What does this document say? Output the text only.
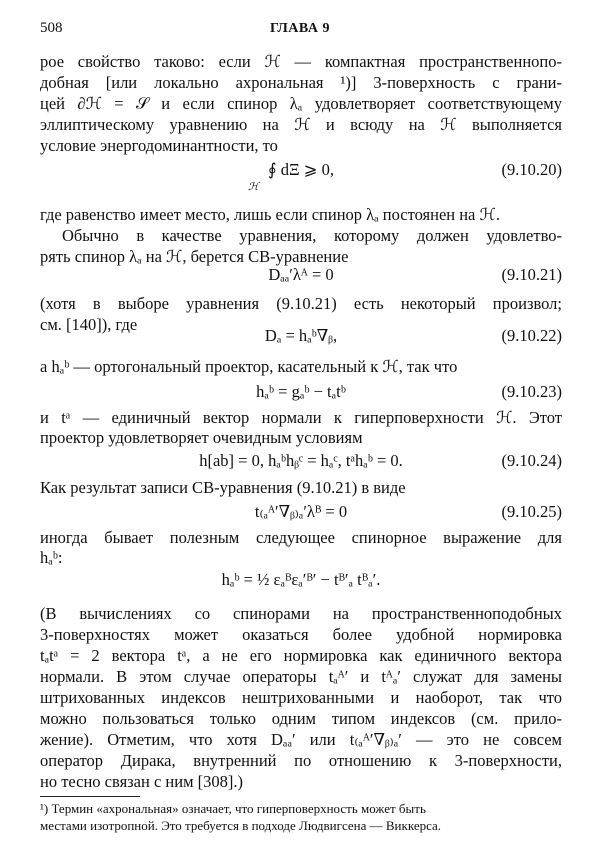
508	ГЛАВА 9
рое свойство таково: если ℋ — компактная пространственнопо-
добная [или локально ахрональная ¹)] 3-поверхность с грани-
цей ∂ℋ = 𝒮 и если спинор λₐ удовлетворяет соответствующему
эллиптическому уравнению на ℋ и всюду на ℋ выполняется
условие энергодоминантности, то
∮ dΞ ⩾ 0,	(9.10.20)
ℋ
где равенство имеет место, лишь если спинор λₐ постоянен на ℋ.
Обычно в качестве уравнения, которому должен удовлетво-
рять спинор λₐ на ℋ, берется СВ-уравнение
Dₐₐ′λᴬ = 0	(9.10.21)
(хотя в выборе уравнения (9.10.21) есть некоторый произвол;
см. [140]), где
Dₐ = hₐᵇ∇ᵦ,	(9.10.22)
а hₐᵇ — ортогональный проектор, касательный к ℋ, так что
hₐᵇ = gₐᵇ − tₐtᵇ	(9.10.23)
и tᵃ — единичный вектор нормали к гиперповерхности ℋ. Этот
проектор удовлетворяет очевидным условиям
h[ab] = 0, hₐᵇhᵦᶜ = hₐᶜ, tᵃhₐᵇ = 0.	(9.10.24)
Как результат записи СВ-уравнения (9.10.21) в виде
t₍ₐᴬ′∇ᵦ₎ₐ′λᴮ = 0	(9.10.25)
иногда бывает полезным следующее спинорное выражение для
hₐᵇ:
hₐᵇ = ½ εₐᴮεₐ′ᴮ′ − tᴮ′ₐ tᴮₐ′.
(В вычислениях со спинорами на пространственноподобных
3-поверхностях может оказаться более удобной нормировка
tₐtᵃ = 2 вектора tᵃ, а не его нормировка как единичного вектора
нормали. В этом случае операторы tₐᴬ′ и tᴬₐ′ служат для замены
штрихованных индексов нештрихованными и наоборот, так что
можно пользоваться только одним типом индексов (см. прило-
жение). Отметим, что хотя Dₐₐ′ или t₍ₐᴬ′∇ᵦ₎ₐ′ — это не совсем
¹) Термин «ахрональная» означает, что гиперповерхность может быть
местами изотропной. Это требуется в подходе Людвигсена — Виккерса.
оператор Дирака, внутренний по отношению к 3-поверхности,
но тесно связан с ним [308].)
